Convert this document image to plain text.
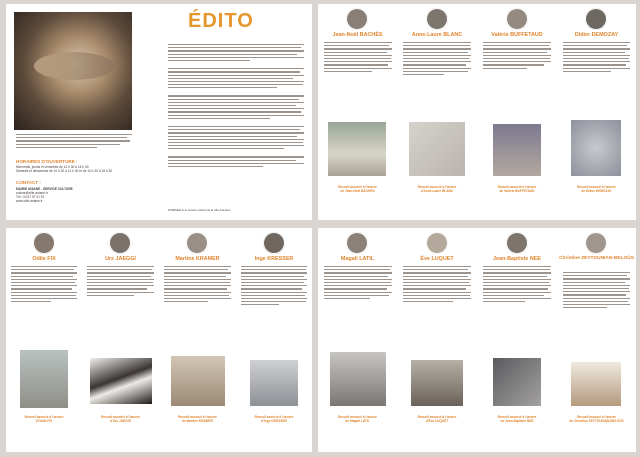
ÉDITO
HORAIRES D'OUVERTURE :
Mercredis, jeudis et vendredis de 14 h 30 à 18 h 30
Samedis et dimanches de 10 h 30 à 12 h 30 et de 14 h 30 à 18 h 30
CONTACT :
MAIRIE ANIANE - SERVICE CULTURE
culture@ville-aniane.fr
Tél : 04 67 57 01 91
www.ville-aniane.fr
POMPIER et le service culturel de la ville d'Aniane
Jean-Noël BACHÈS
Recueil associé à l'œuvre
de Jean-Noël BACHÈS
Anne-Laure BLANC
Recueil associé à l'œuvre
d'Anne-Laure BLANC
Valérie BUFFETAUD
Recueil associé à l'œuvre
de Valérie BUFFETAUD
Didier DEMOZAY
Recueil associé à l'œuvre
de Didier DEMOZAY
Odile FIX
Recueil associé à l'œuvre
d'Odile FIX
Urs JAEGGI
Recueil associé à l'œuvre
d'Urs JAEGGI
Martine KRAMER
Recueil associé à l'œuvre
de Martine KRAMER
Inge KRESSER
Recueil associé à l'œuvre
d'Inge KRESSER
Magali LATIL
Recueil associé à l'œuvre
de Magali LATIL
Ève LUQUET
Recueil associé à l'œuvre
d'Ève LUQUET
Jean-Baptiste NEE
Recueil associé à l'œuvre
de Jean-Baptiste NEE
Christine ZEYTOUNIAN-BELOÜS
Recueil associé à l'œuvre
de Christine ZEYTOUNIAN-BELOÜS
